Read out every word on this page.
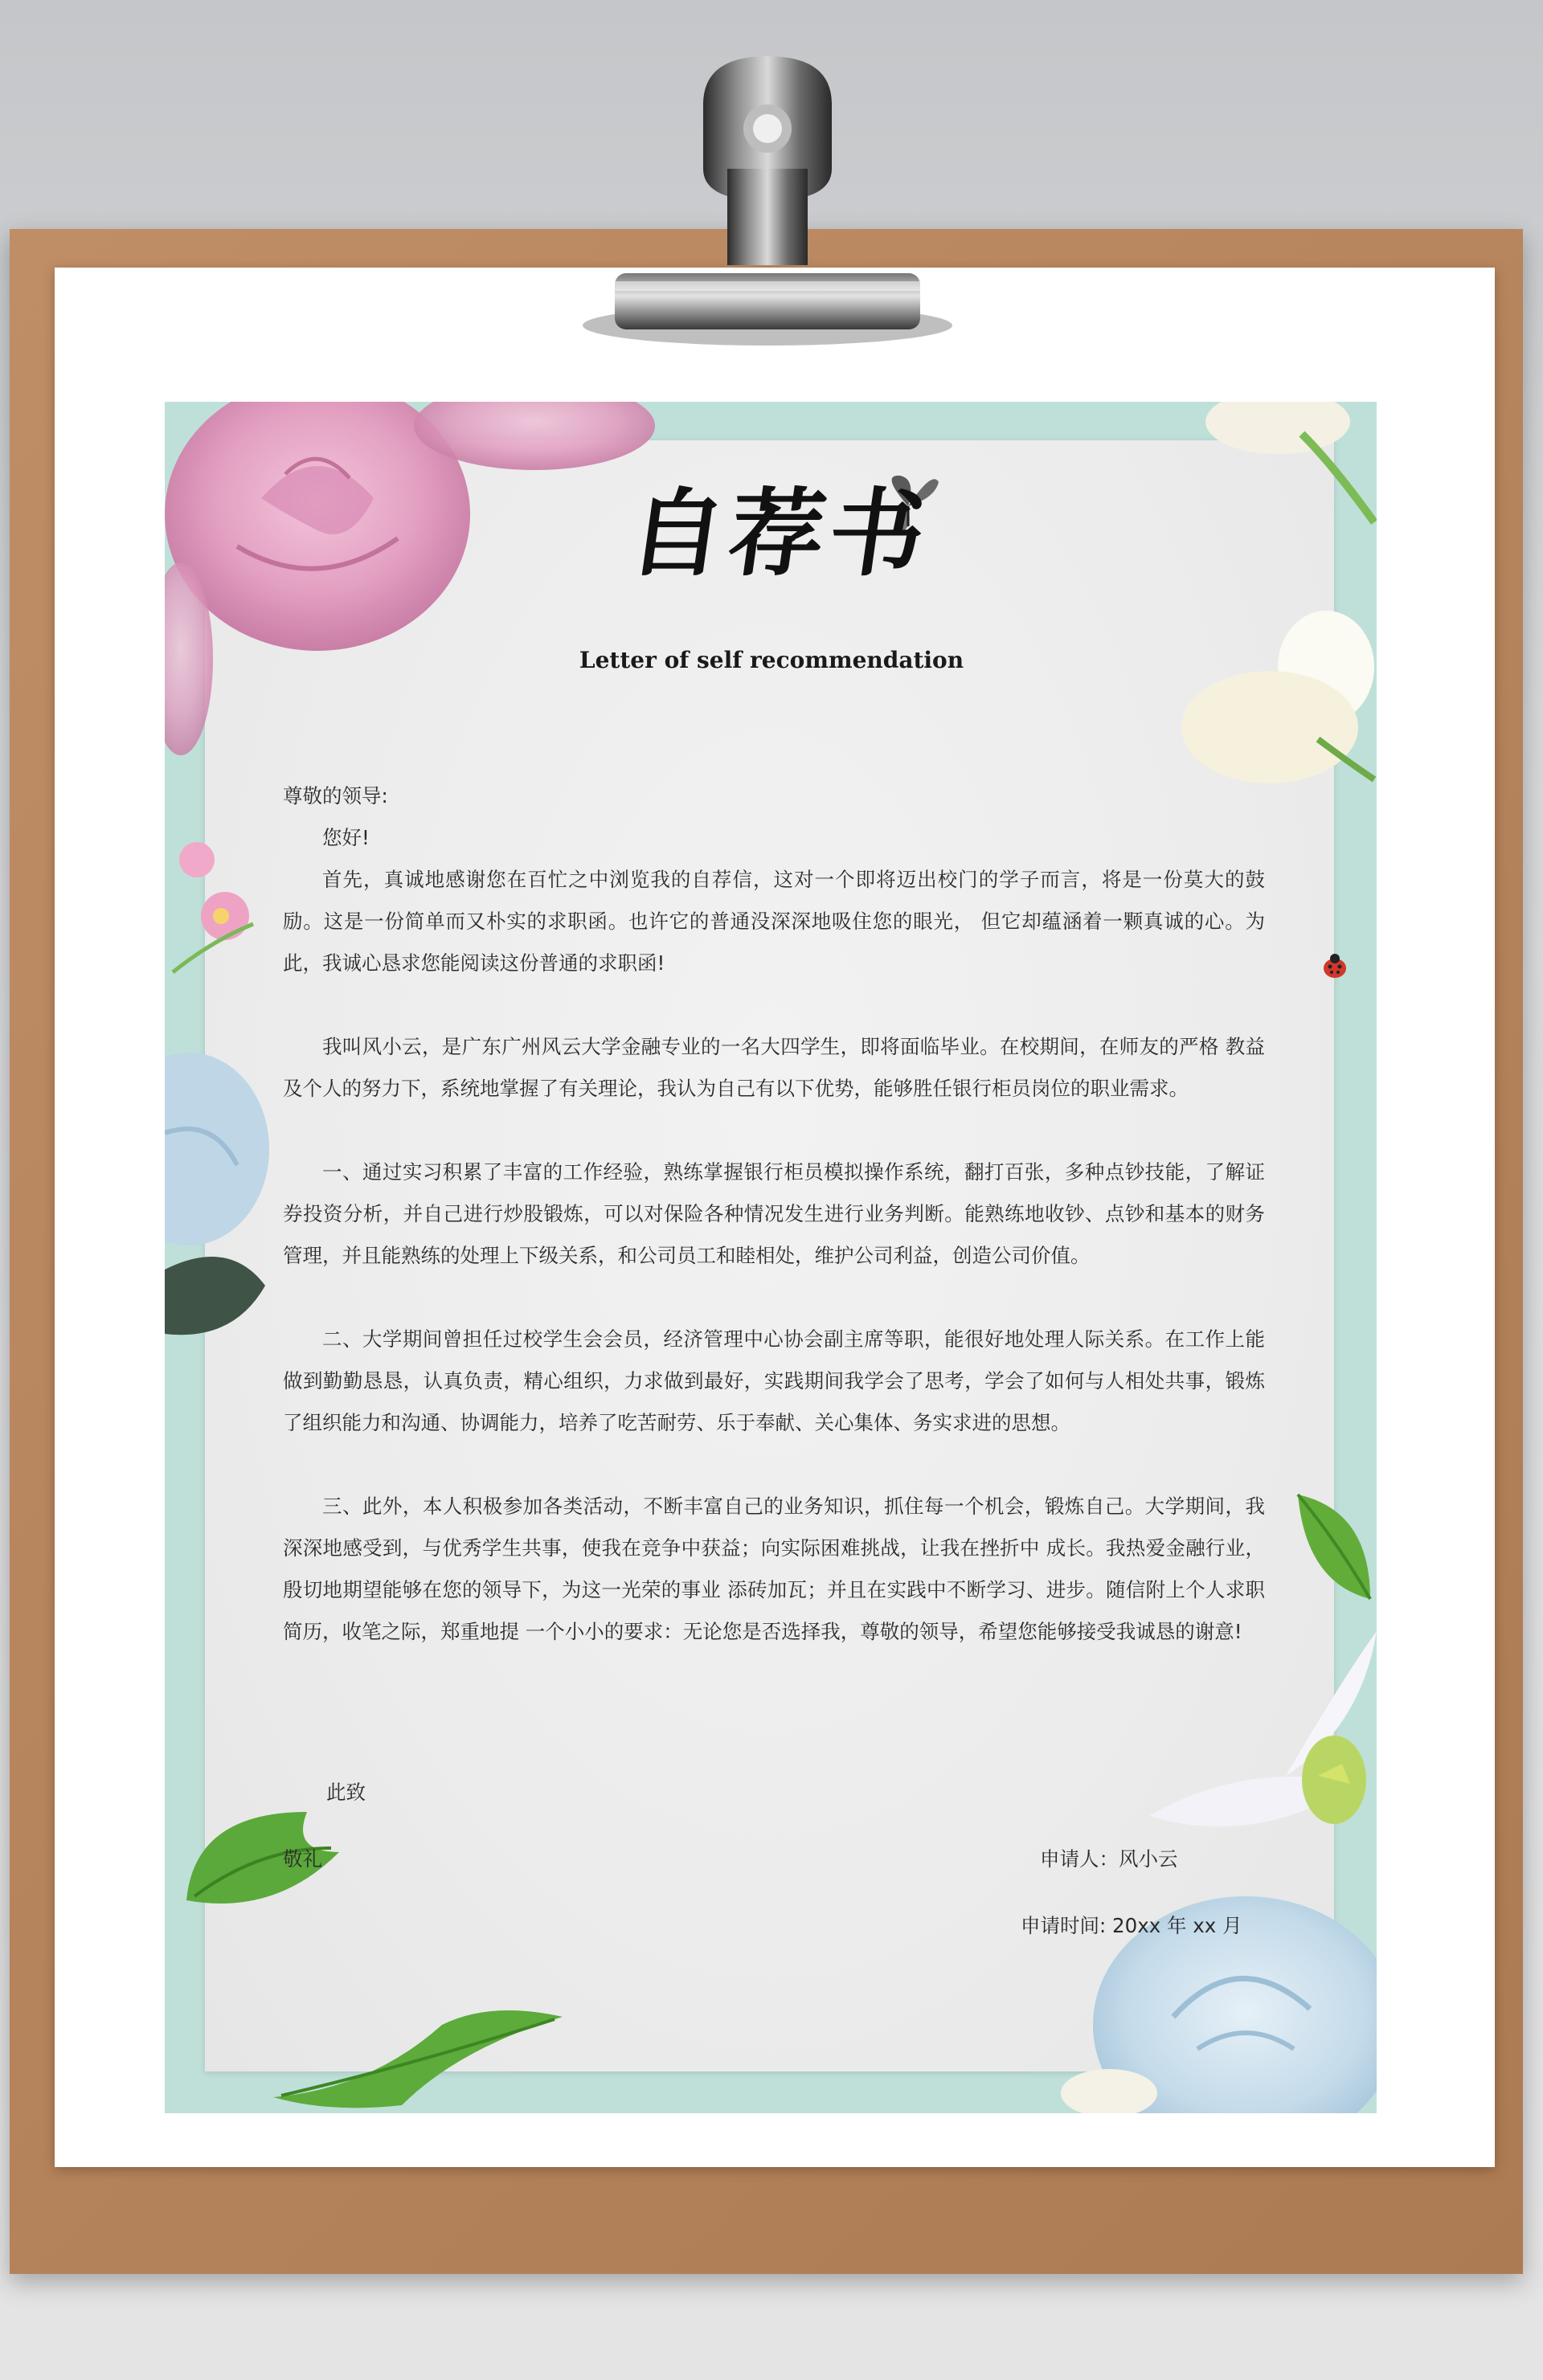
自荐书
Letter of self recommendation

尊敬的领导:

您好!

首先，真诚地感谢您在百忙之中浏览我的自荐信，这对一个即将迈出校门的学子而言，将是一份莫大的鼓励。这是一份简单而又朴实的求职函。也许它的普通没深深地吸住您的眼光， 但它却蕴涵着一颗真诚的心。为此，我诚心恳求您能阅读这份普通的求职函!

我叫风小云，是广东广州风云大学金融专业的一名大四学生，即将面临毕业。在校期间，在师友的严格 教益及个人的努力下，系统地掌握了有关理论，我认为自己有以下优势，能够胜任银行柜员岗位的职业需求。

一、通过实习积累了丰富的工作经验，熟练掌握银行柜员模拟操作系统，翻打百张，多种点钞技能，了解证券投资分析，并自己进行炒股锻炼，可以对保险各种情况发生进行业务判断。能熟练地收钞、点钞和基本的财务管理，并且能熟练的处理上下级关系，和公司员工和睦相处，维护公司利益，创造公司价值。

二、大学期间曾担任过校学生会会员，经济管理中心协会副主席等职，能很好地处理人际关系。在工作上能做到勤勤恳恳，认真负责，精心组织，力求做到最好，实践期间我学会了思考，学会了如何与人相处共事，锻炼了组织能力和沟通、协调能力，培养了吃苦耐劳、乐于奉献、关心集体、务实求进的思想。

三、此外，本人积极参加各类活动，不断丰富自己的业务知识，抓住每一个机会，锻炼自己。大学期间，我深深地感受到，与优秀学生共事，使我在竞争中获益；向实际困难挑战，让我在挫折中 成长。我热爱金融行业，殷切地期望能够在您的领导下，为这一光荣的事业 添砖加瓦；并且在实践中不断学习、进步。随信附上个人求职简历，收笔之际，郑重地提 一个小小的要求：无论您是否选择我，尊敬的领导，希望您能够接受我诚恳的谢意!

此致
敬礼	申请人：风小云
申请时间: 20xx 年 xx 月
